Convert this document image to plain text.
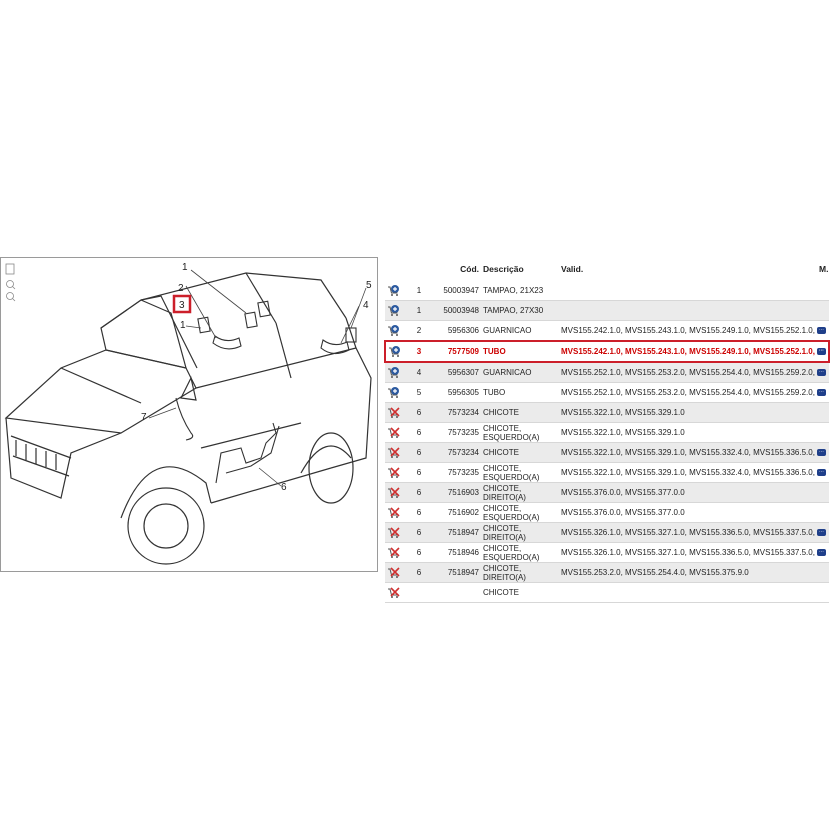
1
2
3
1
5
4
7
6
		Cód.	Descrição	Valid.	M.

	1	50003947	TAMPAO, 21X23		

	1	50003948	TAMPAO, 27X30		

	2	5956306	GUARNICAO	MVS155.242.1.0, MVS155.243.1.0, MVS155.249.1.0, MVS155.252.1.0, ···	

	3	7577509	TUBO	MVS155.242.1.0, MVS155.243.1.0, MVS155.249.1.0, MVS155.252.1.0, ···	

	4	5956307	GUARNICAO	MVS155.252.1.0, MVS155.253.2.0, MVS155.254.4.0, MVS155.259.2.0, ···	

	5	5956305	TUBO	MVS155.252.1.0, MVS155.253.2.0, MVS155.254.4.0, MVS155.259.2.0, ···	

	6	7573234	CHICOTE	MVS155.322.1.0, MVS155.329.1.0	

	6	7573235	CHICOTE, ESQUERDO(A)	MVS155.322.1.0, MVS155.329.1.0	

	6	7573234	CHICOTE	MVS155.322.1.0, MVS155.329.1.0, MVS155.332.4.0, MVS155.336.5.0, ···	

	6	7573235	CHICOTE, ESQUERDO(A)	MVS155.322.1.0, MVS155.329.1.0, MVS155.332.4.0, MVS155.336.5.0, ···	

	6	7516903	CHICOTE, DIREITO(A)	MVS155.376.0.0, MVS155.377.0.0	

	6	7516902	CHICOTE, ESQUERDO(A)	MVS155.376.0.0, MVS155.377.0.0	

	6	7518947	CHICOTE, DIREITO(A)	MVS155.326.1.0, MVS155.327.1.0, MVS155.336.5.0, MVS155.337.5.0, ···	

	6	7518946	CHICOTE, ESQUERDO(A)	MVS155.326.1.0, MVS155.327.1.0, MVS155.336.5.0, MVS155.337.5.0, ···	

	6	7518947	CHICOTE, DIREITO(A)	MVS155.253.2.0, MVS155.254.4.0, MVS155.375.9.0	

			CHICOTE		
